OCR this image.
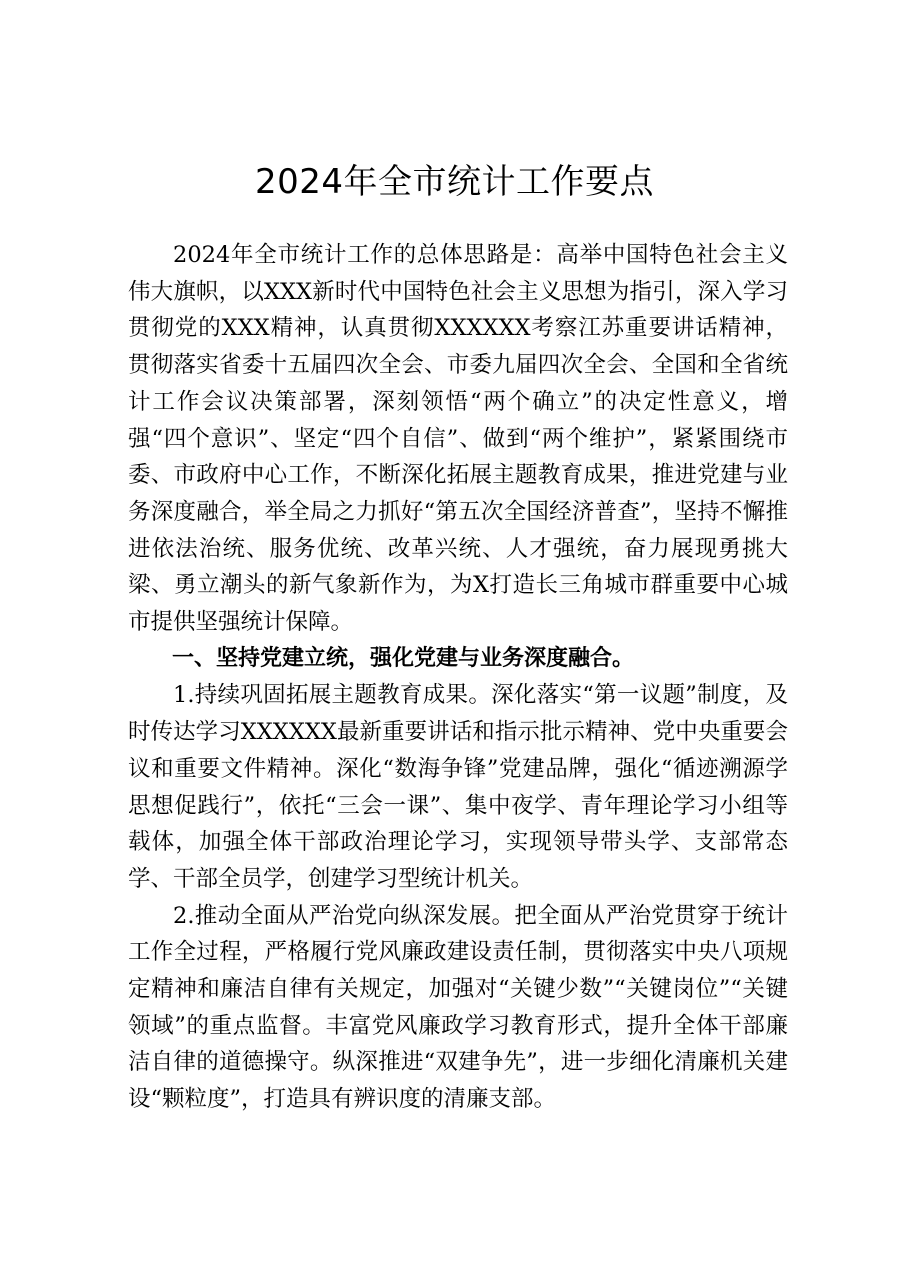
2024年全市统计工作要点

2024年全市统计工作的总体思路是：高举中国特色社会主义伟大旗帜，以XXX新时代中国特色社会主义思想为指引，深入学习贯彻党的XXX精神，认真贯彻XXXXXX考察江苏重要讲话精神，贯彻落实省委十五届四次全会、市委九届四次全会、全国和全省统计工作会议决策部署，深刻领悟“两个确立”的决定性意义，增强“四个意识”、坚定“四个自信”、做到“两个维护”，紧紧围绕市委、市政府中心工作，不断深化拓展主题教育成果，推进党建与业务深度融合，举全局之力抓好“第五次全国经济普查”，坚持不懈推进依法治统、服务优统、改革兴统、人才强统，奋力展现勇挑大梁、勇立潮头的新气象新作为，为X打造长三角城市群重要中心城市提供坚强统计保障。

一、坚持党建立统，强化党建与业务深度融合。

1.持续巩固拓展主题教育成果。深化落实“第一议题”制度，及时传达学习XXXXXX最新重要讲话和指示批示精神、党中央重要会议和重要文件精神。深化“数海争锋”党建品牌，强化“循迹溯源学思想促践行”，依托“三会一课”、集中夜学、青年理论学习小组等载体，加强全体干部政治理论学习，实现领导带头学、支部常态学、干部全员学，创建学习型统计机关。

2.推动全面从严治党向纵深发展。把全面从严治党贯穿于统计工作全过程，严格履行党风廉政建设责任制，贯彻落实中央八项规定精神和廉洁自律有关规定，加强对“关键少数”“关键岗位”“关键领域”的重点监督。丰富党风廉政学习教育形式，提升全体干部廉洁自律的道德操守。纵深推进“双建争先”，进一步细化清廉机关建设“颗粒度”，打造具有辨识度的清廉支部。
